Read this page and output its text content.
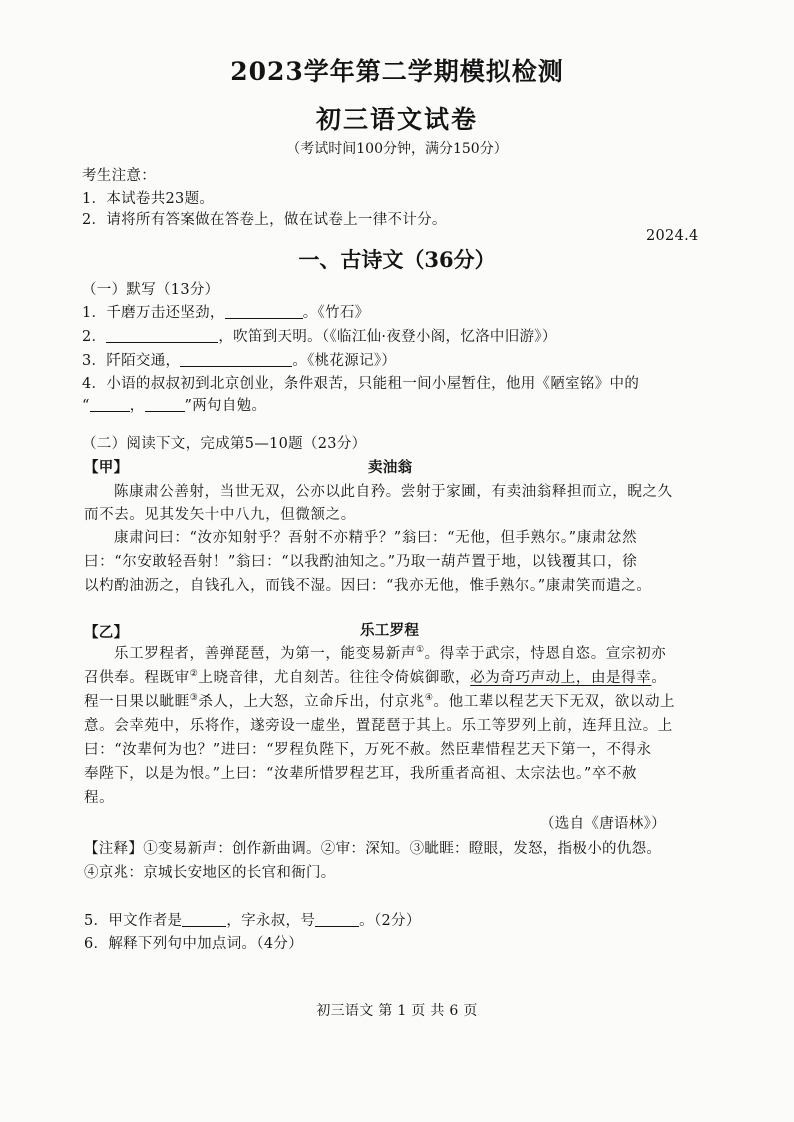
2023学年第二学期模拟检测
初三语文试卷
（考试时间100分钟，满分150分）
考生注意：
1．本试卷共23题。
2．请将所有答案做在答卷上，做在试卷上一律不计分。
2024.4
一、古诗文（36分）
（一）默写（13分）
1．千磨万击还坚劲，	。《竹石》
2．	，吹笛到天明。（《临江仙·夜登小阁，忆洛中旧游》）
3．阡陌交通，	。《桃花源记》）
4．小语的叔叔初到北京创业，条件艰苦，只能租一间小屋暂住，他用《陋室铭》中的
“	，	”两句自勉。
（二）阅读下文，完成第5—10题（23分）
【甲】	卖油翁
陈康肃公善射，当世无双，公亦以此自矜。尝射于家圃，有卖油翁释担而立，睨之久
而不去。见其发矢十中八九，但微颔之。
康肃问曰：“汝亦知射乎？吾射不亦精乎？”翁曰：“无他，但手熟尔。”康肃忿然
曰：“尔安敢轻吾射！”翁曰：“以我酌油知之。”乃取一葫芦置于地，以钱覆其口，徐
以杓酌油沥之，自钱孔入，而钱不湿。因曰：“我亦无他，惟手熟尔。”康肃笑而遣之。
【乙】	乐工罗程
乐工罗程者，善弹琵琶，为第一，能变易新声①。得幸于武宗，恃恩自恣。宣宗初亦
召供奉。程既审②上晓音律，尤自刻苦。往往令倚嫔御歌，必为奇巧声动上，由是得幸。
程一日果以眦睚③杀人，上大怒，立命斥出，付京兆④。他工辈以程艺天下无双，欲以动上
意。会幸苑中，乐将作，遂旁设一虚坐，置琵琶于其上。乐工等罗列上前，连拜且泣。上
曰：“汝辈何为也？”进曰：“罗程负陛下，万死不赦。然臣辈惜程艺天下第一，不得永
奉陛下，以是为恨。”上曰：“汝辈所惜罗程艺耳，我所重者高祖、太宗法也。”卒不赦
程。
（选自《唐语林》）
【注释】①变易新声：创作新曲调。②审：深知。③眦睚：瞪眼，发怒，指极小的仇怨。
④京兆：京城长安地区的长官和衙门。
5．甲文作者是	，字永叔，号	。（2分）
6．解释下列句中加点词。（4分）
初三语文 第 1 页 共 6 页
